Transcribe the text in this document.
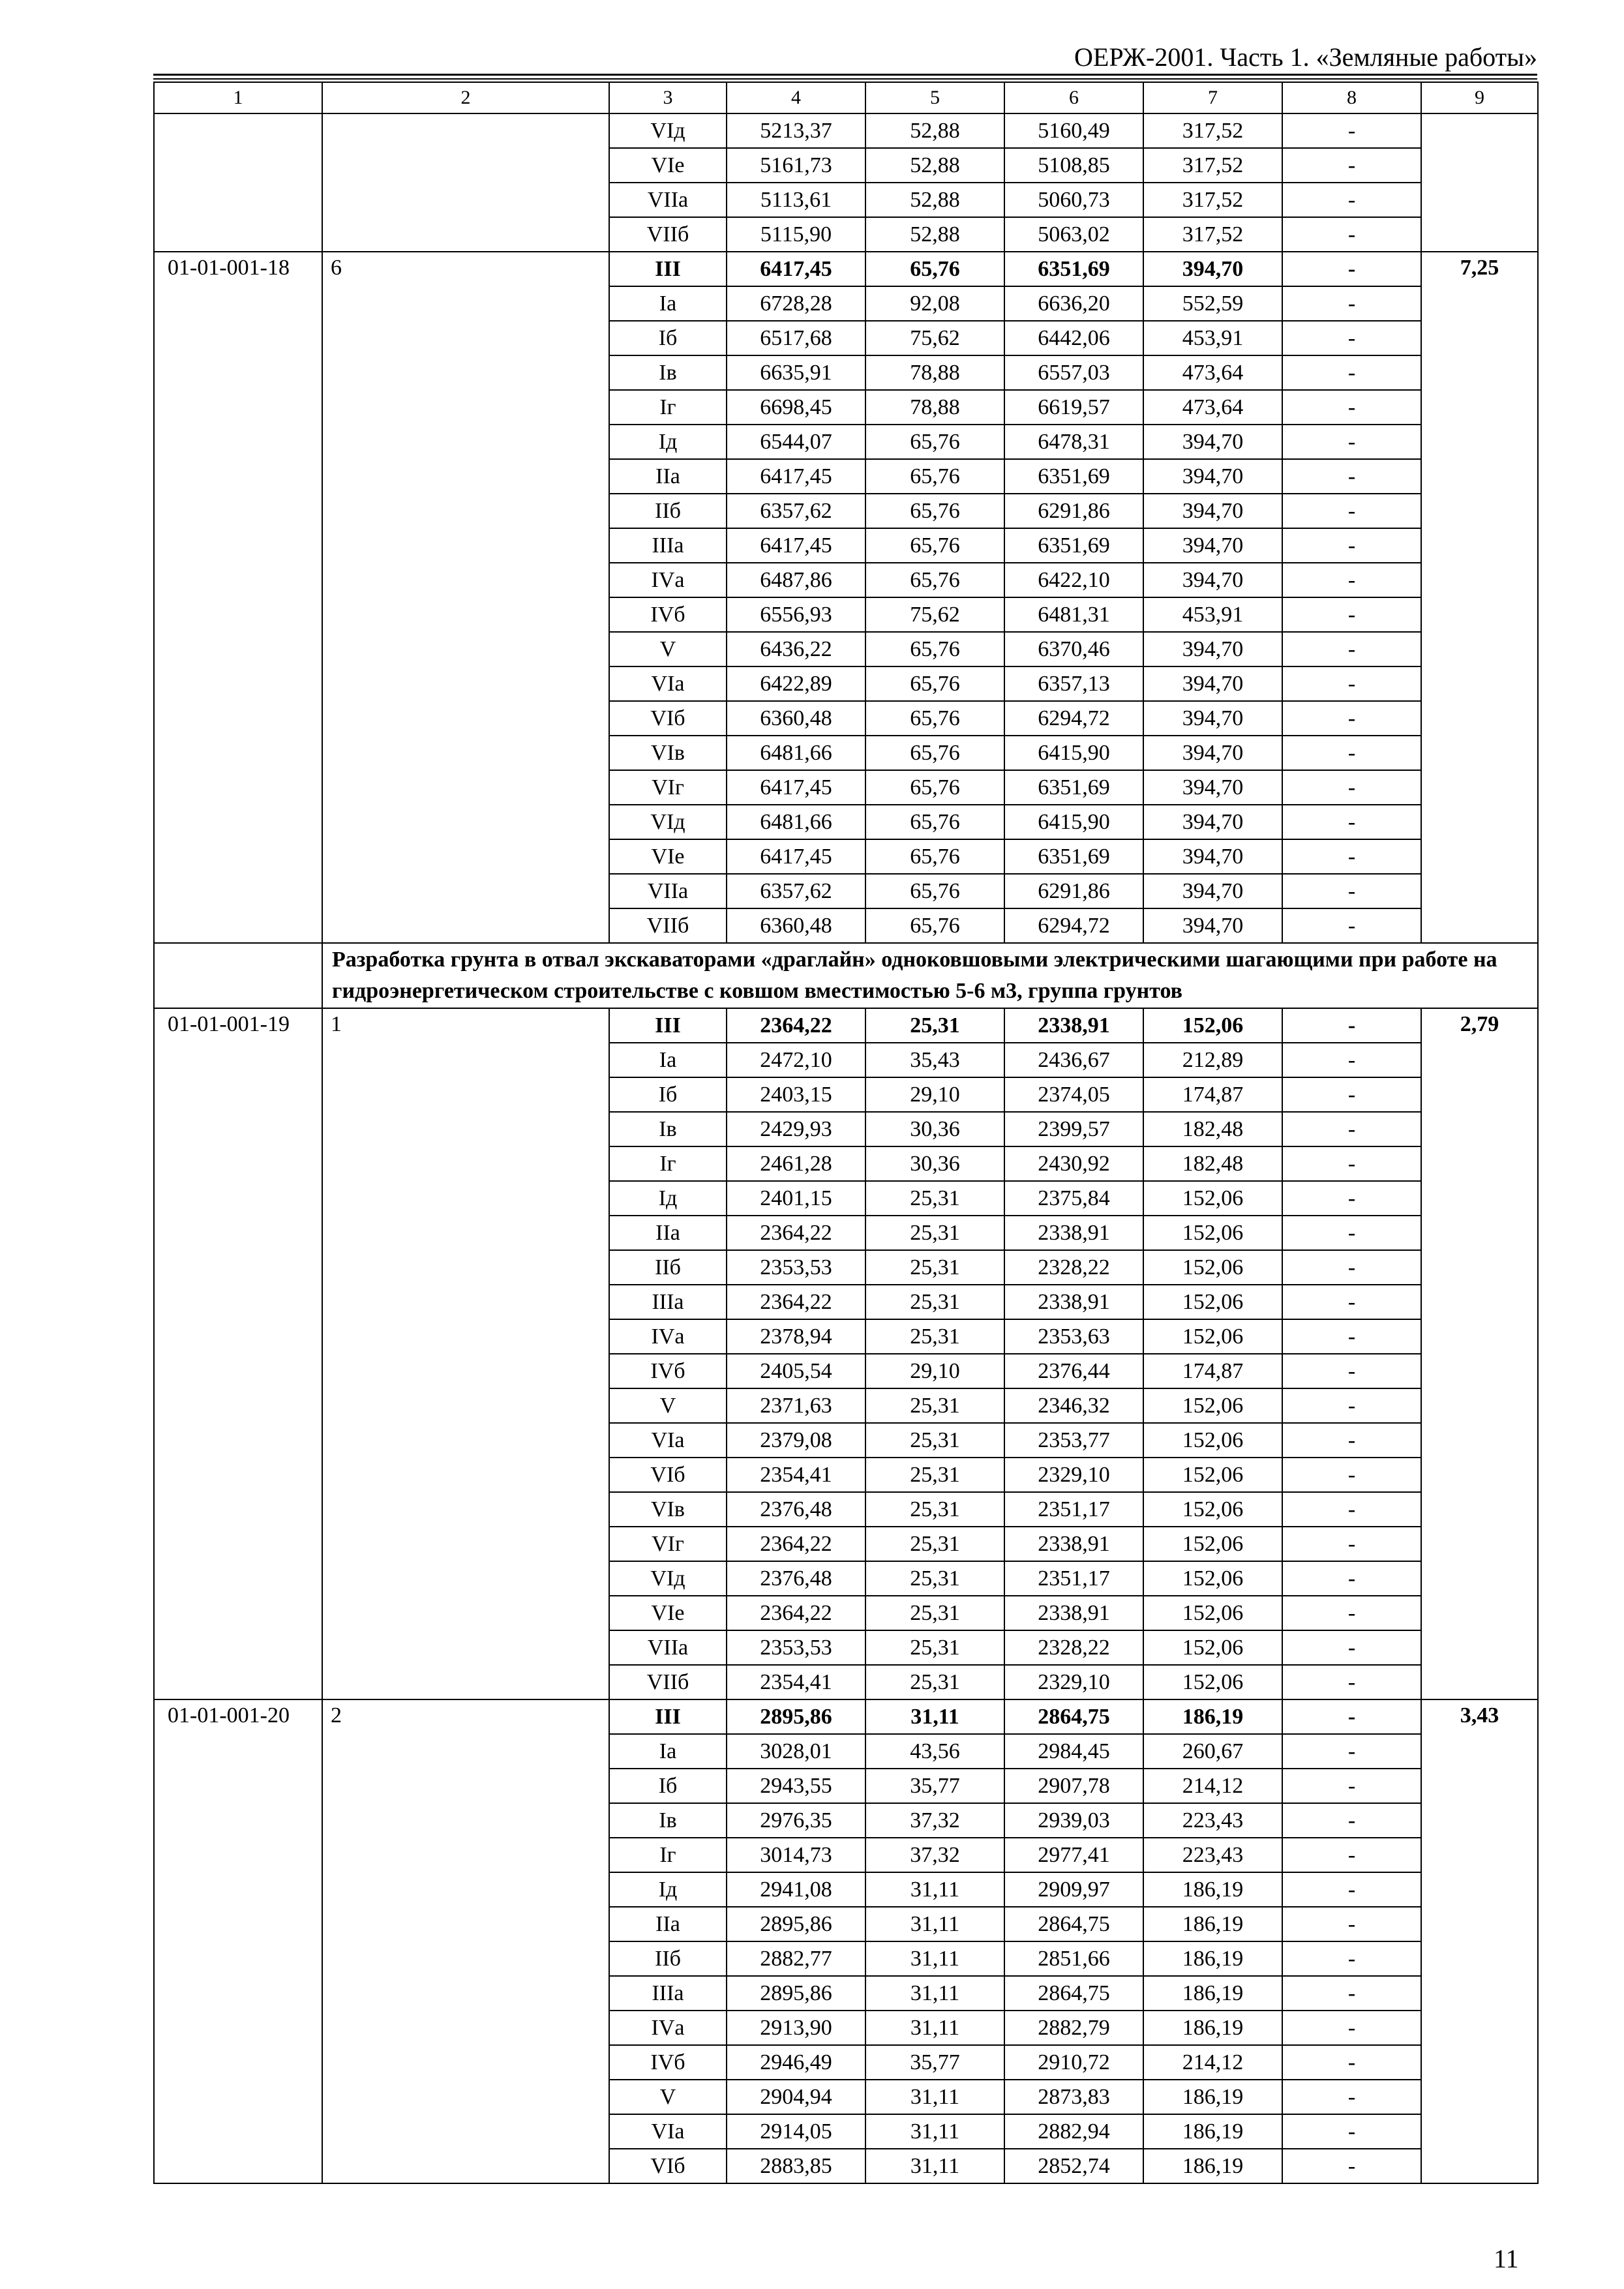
ОЕРЖ-2001. Часть 1. «Земляные работы»
1	2	3	4	5	6	7	8	9
		VIд	5213,37	52,88	5160,49	317,52	-	
		VIе	5161,73	52,88	5108,85	317,52	-	
		VIIа	5113,61	52,88	5060,73	317,52	-	
		VIIб	5115,90	52,88	5063,02	317,52	-	
01-01-001-18	6	III	6417,45	65,76	6351,69	394,70	-	7,25
		Iа	6728,28	92,08	6636,20	552,59	-	
		Iб	6517,68	75,62	6442,06	453,91	-	
		Iв	6635,91	78,88	6557,03	473,64	-	
		Iг	6698,45	78,88	6619,57	473,64	-	
		Iд	6544,07	65,76	6478,31	394,70	-	
		IIа	6417,45	65,76	6351,69	394,70	-	
		IIб	6357,62	65,76	6291,86	394,70	-	
		IIIа	6417,45	65,76	6351,69	394,70	-	
		IVа	6487,86	65,76	6422,10	394,70	-	
		IVб	6556,93	75,62	6481,31	453,91	-	
		V	6436,22	65,76	6370,46	394,70	-	
		VIа	6422,89	65,76	6357,13	394,70	-	
		VIб	6360,48	65,76	6294,72	394,70	-	
		VIв	6481,66	65,76	6415,90	394,70	-	
		VIг	6417,45	65,76	6351,69	394,70	-	
		VIд	6481,66	65,76	6415,90	394,70	-	
		VIе	6417,45	65,76	6351,69	394,70	-	
		VIIа	6357,62	65,76	6291,86	394,70	-	
		VIIб	6360,48	65,76	6294,72	394,70	-	
	Разработка грунта в отвал экскаваторами «драглайн» одноковшовыми электрическими шагающими при работе на гидроэнергетическом строительстве с ковшом вместимостью 5-6 м3, группа грунтов							
01-01-001-19	1	III	2364,22	25,31	2338,91	152,06	-	2,79
		Iа	2472,10	35,43	2436,67	212,89	-	
		Iб	2403,15	29,10	2374,05	174,87	-	
		Iв	2429,93	30,36	2399,57	182,48	-	
		Iг	2461,28	30,36	2430,92	182,48	-	
		Iд	2401,15	25,31	2375,84	152,06	-	
		IIа	2364,22	25,31	2338,91	152,06	-	
		IIб	2353,53	25,31	2328,22	152,06	-	
		IIIа	2364,22	25,31	2338,91	152,06	-	
		IVа	2378,94	25,31	2353,63	152,06	-	
		IVб	2405,54	29,10	2376,44	174,87	-	
		V	2371,63	25,31	2346,32	152,06	-	
		VIа	2379,08	25,31	2353,77	152,06	-	
		VIб	2354,41	25,31	2329,10	152,06	-	
		VIв	2376,48	25,31	2351,17	152,06	-	
		VIг	2364,22	25,31	2338,91	152,06	-	
		VIд	2376,48	25,31	2351,17	152,06	-	
		VIе	2364,22	25,31	2338,91	152,06	-	
		VIIа	2353,53	25,31	2328,22	152,06	-	
		VIIб	2354,41	25,31	2329,10	152,06	-	
01-01-001-20	2	III	2895,86	31,11	2864,75	186,19	-	3,43
		Iа	3028,01	43,56	2984,45	260,67	-	
		Iб	2943,55	35,77	2907,78	214,12	-	
		Iв	2976,35	37,32	2939,03	223,43	-	
		Iг	3014,73	37,32	2977,41	223,43	-	
		Iд	2941,08	31,11	2909,97	186,19	-	
		IIа	2895,86	31,11	2864,75	186,19	-	
		IIб	2882,77	31,11	2851,66	186,19	-	
		IIIа	2895,86	31,11	2864,75	186,19	-	
		IVа	2913,90	31,11	2882,79	186,19	-	
		IVб	2946,49	35,77	2910,72	214,12	-	
		V	2904,94	31,11	2873,83	186,19	-	
		VIа	2914,05	31,11	2882,94	186,19	-	
		VIб	2883,85	31,11	2852,74	186,19	-	
11
